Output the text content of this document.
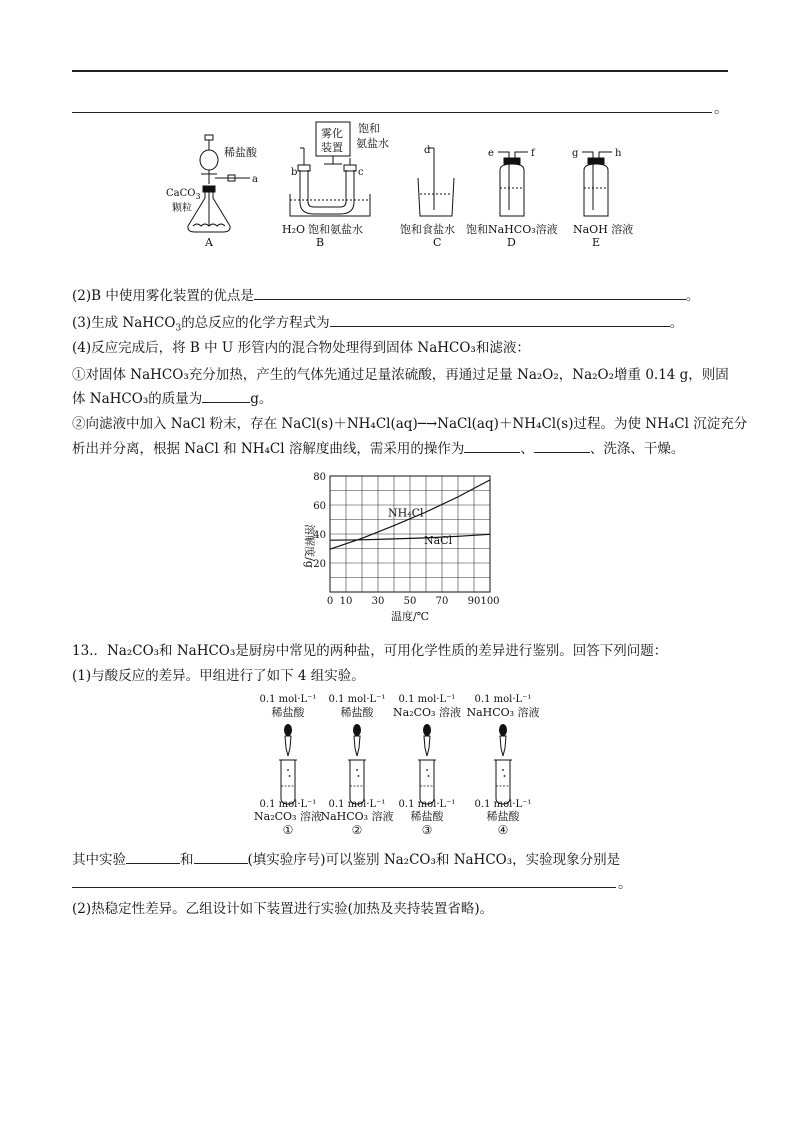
。
稀盐酸
a
CaCO$_3$
颗粒
A
饱和
氨盐水
雾化
装置
b	c
H₂O 饱和氨盐水
B
d
饱和食盐水
C
e	f
饱和NaHCO₃溶液
D
g	h
NaOH 溶液
E
(2)B 中使用雾化装置的优点是	。
(3)生成 NaHCO$_3$的总反应的化学方程式为	。
(4)反应完成后，将 B 中 U 形管内的混合物处理得到固体 NaHCO₃和滤液：
①对固体 NaHCO₃充分加热，产生的气体先通过足量浓硫酸，再通过足量 Na₂O₂，Na₂O₂增重 0.14 g，则固
体 NaHCO₃的质量为	g。
②向滤液中加入 NaCl 粉末，存在 NaCl(s)＋NH₄Cl(aq)─→NaCl(aq)＋NH₄Cl(s)过程。为使 NH₄Cl 沉淀充分
析出并分离，根据 NaCl 和 NH₄Cl 溶解度曲线，需采用的操作为	、	、洗涤、干燥。
0 10 30 50 70 90 100
20
40
60
80
NH₄Cl
NaCl
溶解度/g
温度/℃
13.．Na₂CO₃和 NaHCO₃是厨房中常见的两种盐，可用化学性质的差异进行鉴别。回答下列问题：
(1)与酸反应的差异。甲组进行了如下 4 组实验。
0.1 mol·L⁻¹
稀盐酸
0.1 mol·L⁻¹
Na₂CO₃ 溶液
①
0.1 mol·L⁻¹
稀盐酸
0.1 mol·L⁻¹
NaHCO₃ 溶液
②
0.1 mol·L⁻¹
Na₂CO₃ 溶液
0.1 mol·L⁻¹
稀盐酸
③
0.1 mol·L⁻¹
NaHCO₃ 溶液
0.1 mol·L⁻¹
稀盐酸
④
其中实验	和	(填实验序号)可以鉴别 Na₂CO₃和 NaHCO₃，实验现象分别是
。
(2)热稳定性差异。乙组设计如下装置进行实验(加热及夹持装置省略)。
